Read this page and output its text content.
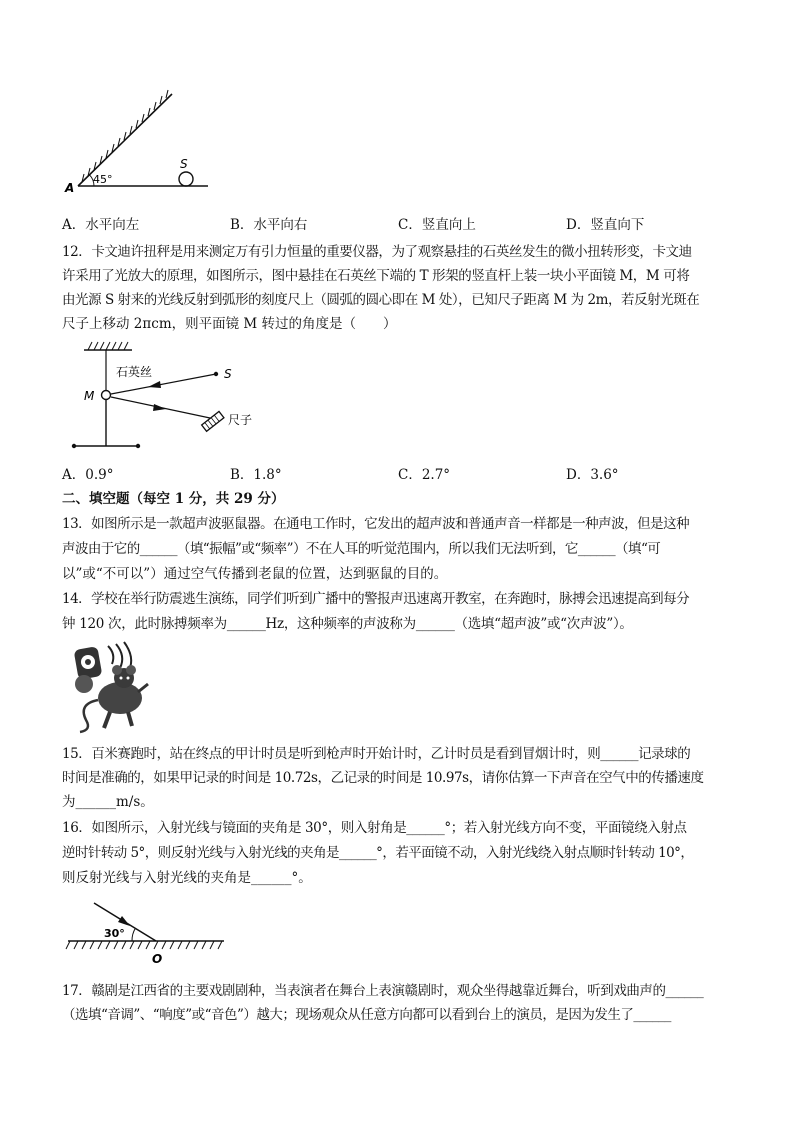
A
45°
S
A．水平向左	B．水平向右	C．竖直向上	D．竖直向下
12．卡文迪许扭秤是用来测定万有引力恒量的重要仪器，为了观察悬挂的石英丝发生的微小扭转形变，卡文迪
许采用了光放大的原理，如图所示，图中悬挂在石英丝下端的 T 形架的竖直杆上装一块小平面镜 M，M 可将
由光源 S 射来的光线反射到弧形的刻度尺上（圆弧的圆心即在 M 处），已知尺子距离 M 为 2m，若反射光斑在
尺子上移动 2πcm，则平面镜 M 转过的角度是（　　）
石英丝
M
S
尺子
A．0.9°	B．1.8°	C．2.7°	D．3.6°
二、填空题（每空 1 分，共 29 分）
13．如图所示是一款超声波驱鼠器。在通电工作时，它发出的超声波和普通声音一样都是一种声波，但是这种
声波由于它的______（填“振幅”或“频率”）不在人耳的听觉范围内，所以我们无法听到，它______（填“可
以”或“不可以”）通过空气传播到老鼠的位置，达到驱鼠的目的。
14．学校在举行防震逃生演练，同学们听到广播中的警报声迅速离开教室，在奔跑时，脉搏会迅速提高到每分
钟 120 次，此时脉搏频率为______Hz，这种频率的声波称为______（选填“超声波”或“次声波”）。
15．百米赛跑时，站在终点的甲计时员是听到枪声时开始计时，乙计时员是看到冒烟计时，则______记录球的
时间是准确的，如果甲记录的时间是 10.72s，乙记录的时间是 10.97s，请你估算一下声音在空气中的传播速度
为______m/s。
16．如图所示，入射光线与镜面的夹角是 30°，则入射角是______°；若入射光线方向不变，平面镜绕入射点
逆时针转动 5°，则反射光线与入射光线的夹角是______°，若平面镜不动，入射光线绕入射点顺时针转动 10°，
则反射光线与入射光线的夹角是______°。
30°
O
17．赣剧是江西省的主要戏剧剧种，当表演者在舞台上表演赣剧时，观众坐得越靠近舞台，听到戏曲声的______
（选填“音调”、“响度”或“音色”）越大；现场观众从任意方向都可以看到台上的演员，是因为发生了______
